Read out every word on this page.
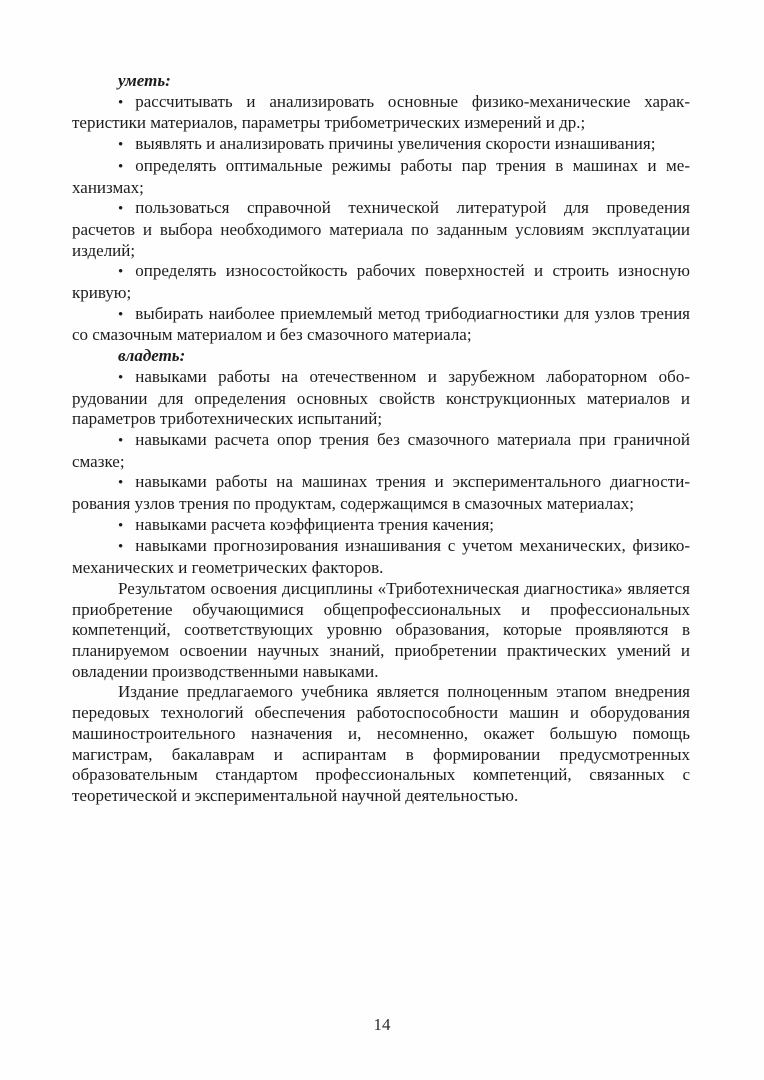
уметь:

• рассчитывать и анализировать основные физико-механические характеристики материалов, параметры трибометрических измерений и др.;

• выявлять и анализировать причины увеличения скорости изнашивания;

• определять оптимальные режимы работы пар трения в машинах и механизмах;

• пользоваться справочной технической литературой для проведения расчетов и выбора необходимого материала по заданным условиям эксплуатации изделий;

• определять износостойкость рабочих поверхностей и строить износную кривую;

• выбирать наиболее приемлемый метод трибодиагностики для узлов трения со смазочным материалом и без смазочного материала;

владеть:

• навыками работы на отечественном и зарубежном лабораторном оборудовании для определения основных свойств конструкционных материалов и параметров триботехнических испытаний;

• навыками расчета опор трения без смазочного материала при граничной смазке;

• навыками работы на машинах трения и экспериментального диагностирования узлов трения по продуктам, содержащимся в смазочных материалах;

• навыками расчета коэффициента трения качения;

• навыками прогнозирования изнашивания с учетом механических, физико-механических и геометрических факторов.

Результатом освоения дисциплины «Триботехническая диагностика» является приобретение обучающимися общепрофессиональных и профессиональных компетенций, соответствующих уровню образования, которые проявляются в планируемом освоении научных знаний, приобретении практических умений и овладении производственными навыками.

Издание предлагаемого учебника является полноценным этапом внедрения передовых технологий обеспечения работоспособности машин и оборудования машиностроительного назначения и, несомненно, окажет большую помощь магистрам, бакалаврам и аспирантам в формировании предусмотренных образовательным стандартом профессиональных компетенций, связанных с теоретической и экспериментальной научной деятельностью.

14
